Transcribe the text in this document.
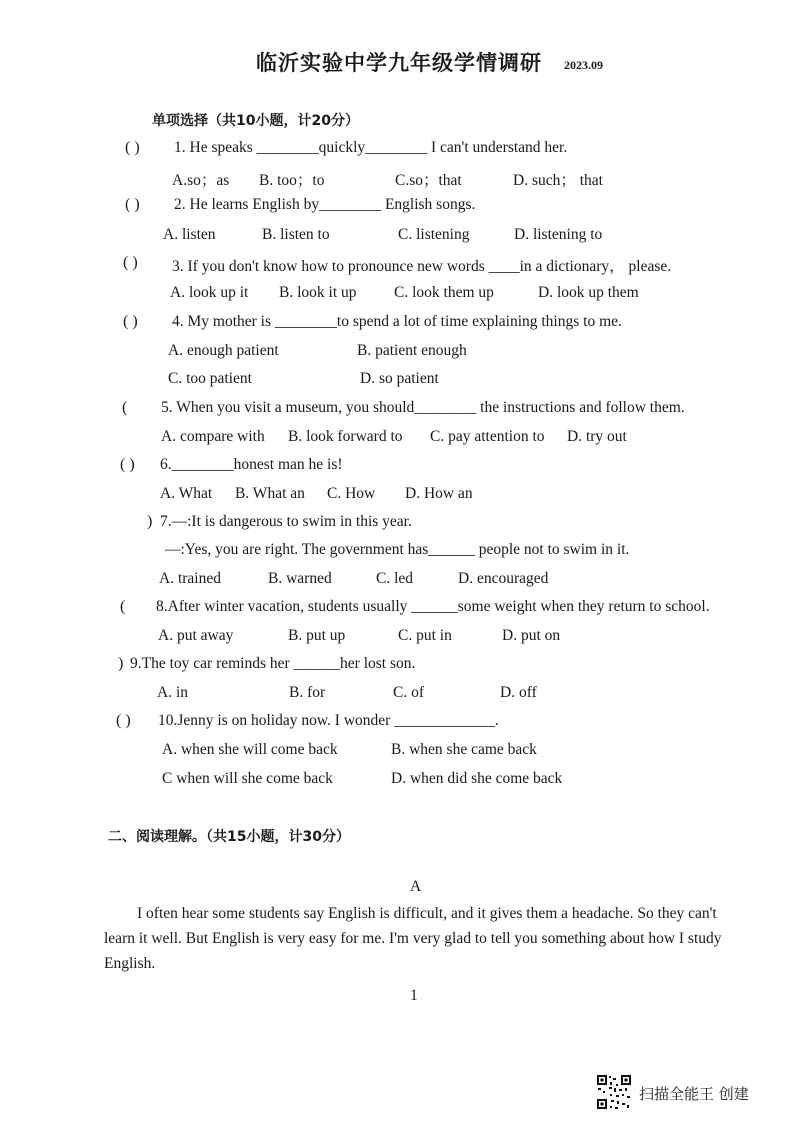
临沂实验中学九年级学情调研 2023.09
单项选择（共10小题，计20分）
( ) 1. He speaks ________quickly________ I can't understand her.
A.so；as B. too；to	C.so；that	D. such； that
( ) 2. He learns English by________ English songs.
A. listen	B. listen to	C. listening	D. listening to
( ) 3. If you don't know how to pronounce new words ____in a dictionary， please.
A. look up it B. look it up C. look them up	D. look up them
( ) 4. My mother is ________to spend a lot of time explaining things to me.
A. enough patient	B. patient enough
C. too patient	D. so patient
( 5. When you visit a museum, you should________ the instructions and follow them.
A. compare with B. look forward to C. pay attention to D. try out
( ) 6.________honest man he is!
A. What B. What an C. How D. How an
) 7.—:It is dangerous to swim in this year.
—:Yes, you are right. The government has______ people not to swim in it.
A. trained	B. warned	C. led	D. encouraged
( 8.After winter vacation, students usually ______some weight when they return to school.
A. put away	B. put up	C. put in	D. put on
) 9.The toy car reminds her ______her lost son.
A. in	B. for	C. of	D. off
( ) 10.Jenny is on holiday now. I wonder _____________.
A. when she will come back	B. when she came back
C when will she come back	D. when did she come back
二、阅读理解。（共15小题，计30分）
A
I often hear some students say English is difficult, and it gives them a headache. So they can't
learn it well. But English is very easy for me. I'm very glad to tell you something about how I study
English.
1
扫描全能王 创建
